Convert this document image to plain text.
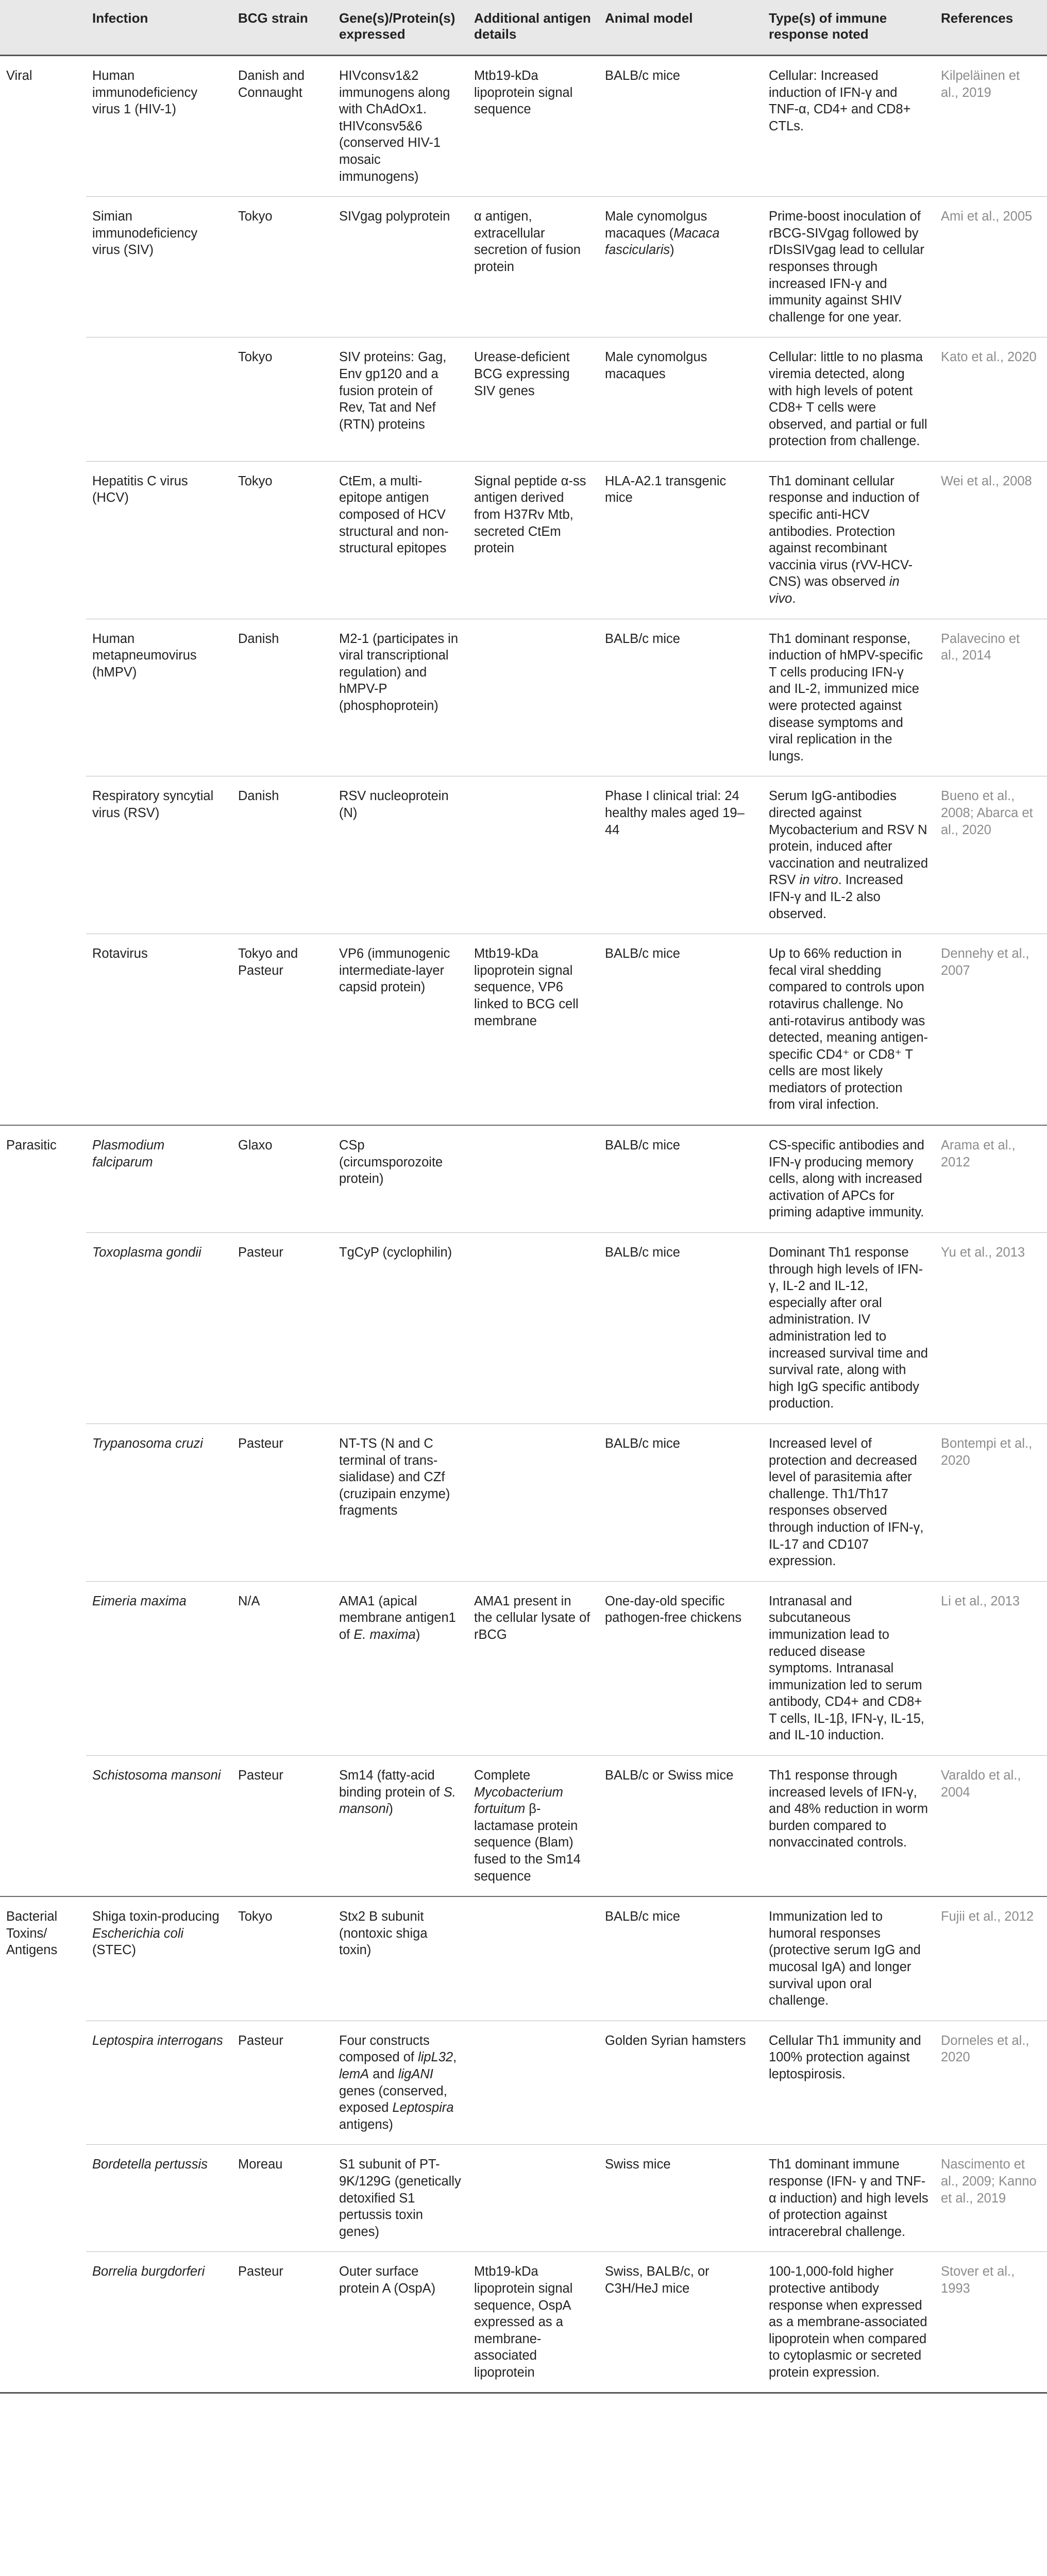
	Infection	BCG strain	Gene(s)/Protein(s) expressed	Additional antigen details	Animal model	Type(s) of immune response noted	References
Viral	Human immunodeficiency virus 1 (HIV-1)	Danish and Connaught	HIVconsv1&2 immunogens along with ChAdOx1. tHIVconsv5&6 (conserved HIV-1 mosaic immunogens)	Mtb19-kDa lipoprotein signal sequence	BALB/c mice	Cellular: Increased induction of IFN-γ and TNF-α, CD4+ and CD8+ CTLs.	Kilpeläinen et al., 2019
	Simian immunodeficiency virus (SIV)	Tokyo	SIVgag polyprotein	α antigen, extracellular secretion of fusion protein	Male cynomolgus macaques (Macaca fascicularis)	Prime-boost inoculation of rBCG-SIVgag followed by rDIsSIVgag lead to cellular responses through increased IFN-γ and immunity against SHIV challenge for one year.	Ami et al., 2005
		Tokyo	SIV proteins: Gag, Env gp120 and a fusion protein of Rev, Tat and Nef (RTN) proteins	Urease-deficient BCG expressing SIV genes	Male cynomolgus macaques	Cellular: little to no plasma viremia detected, along with high levels of potent CD8+ T cells were observed, and partial or full protection from challenge.	Kato et al., 2020
	Hepatitis C virus (HCV)	Tokyo	CtEm, a multi-epitope antigen composed of HCV structural and non-structural epitopes	Signal peptide α-ss antigen derived from H37Rv Mtb, secreted CtEm protein	HLA-A2.1 transgenic mice	Th1 dominant cellular response and induction of specific anti-HCV antibodies. Protection against recombinant vaccinia virus (rVV-HCV-CNS) was observed in vivo.	Wei et al., 2008
	Human metapneumovirus (hMPV)	Danish	M2-1 (participates in viral transcriptional regulation) and hMPV-P (phosphoprotein)		BALB/c mice	Th1 dominant response, induction of hMPV-specific T cells producing IFN-γ and IL-2, immunized mice were protected against disease symptoms and viral replication in the lungs.	Palavecino et al., 2014
	Respiratory syncytial virus (RSV)	Danish	RSV nucleoprotein (N)		Phase I clinical trial: 24 healthy males aged 19–44	Serum IgG-antibodies directed against Mycobacterium and RSV N protein, induced after vaccination and neutralized RSV in vitro. Increased IFN-γ and IL-2 also observed.	Bueno et al., 2008; Abarca et al., 2020
	Rotavirus	Tokyo and Pasteur	VP6 (immunogenic intermediate-layer capsid protein)	Mtb19-kDa lipoprotein signal sequence, VP6 linked to BCG cell membrane	BALB/c mice	Up to 66% reduction in fecal viral shedding compared to controls upon rotavirus challenge. No anti-rotavirus antibody was detected, meaning antigen-specific CD4⁺ or CD8⁺ T cells are most likely mediators of protection from viral infection.	Dennehy et al., 2007
Parasitic	Plasmodium falciparum	Glaxo	CSp (circumsporozoite protein)		BALB/c mice	CS-specific antibodies and IFN-γ producing memory cells, along with increased activation of APCs for priming adaptive immunity.	Arama et al., 2012
	Toxoplasma gondii	Pasteur	TgCyP (cyclophilin)		BALB/c mice	Dominant Th1 response through high levels of IFN-γ, IL-2 and IL-12, especially after oral administration. IV administration led to increased survival time and survival rate, along with high IgG specific antibody production.	Yu et al., 2013
	Trypanosoma cruzi	Pasteur	NT-TS (N and C terminal of trans-sialidase) and CZf (cruzipain enzyme) fragments		BALB/c mice	Increased level of protection and decreased level of parasitemia after challenge. Th1/Th17 responses observed through induction of IFN-γ, IL-17 and CD107 expression.	Bontempi et al., 2020
	Eimeria maxima	N/A	AMA1 (apical membrane antigen1 of E. maxima)	AMA1 present in the cellular lysate of rBCG	One-day-old specific pathogen-free chickens	Intranasal and subcutaneous immunization lead to reduced disease symptoms. Intranasal immunization led to serum antibody, CD4+ and CD8+ T cells, IL-1β, IFN-γ, IL-15, and IL-10 induction.	Li et al., 2013
	Schistosoma mansoni	Pasteur	Sm14 (fatty-acid binding protein of S. mansoni)	Complete Mycobacterium fortuitum β-lactamase protein sequence (Blam) fused to the Sm14 sequence	BALB/c or Swiss mice	Th1 response through increased levels of IFN-γ, and 48% reduction in worm burden compared to nonvaccinated controls.	Varaldo et al., 2004
Bacterial Toxins/ Antigens	Shiga toxin-producing Escherichia coli (STEC)	Tokyo	Stx2 B subunit (nontoxic shiga toxin)		BALB/c mice	Immunization led to humoral responses (protective serum IgG and mucosal IgA) and longer survival upon oral challenge.	Fujii et al., 2012
	Leptospira interrogans	Pasteur	Four constructs composed of lipL32, lemA and ligANI genes (conserved, exposed Leptospira antigens)		Golden Syrian hamsters	Cellular Th1 immunity and 100% protection against leptospirosis.	Dorneles et al., 2020
	Bordetella pertussis	Moreau	S1 subunit of PT-9K/129G (genetically detoxified S1 pertussis toxin genes)		Swiss mice	Th1 dominant immune response (IFN- γ and TNF-α induction) and high levels of protection against intracerebral challenge.	Nascimento et al., 2009; Kanno et al., 2019
	Borrelia burgdorferi	Pasteur	Outer surface protein A (OspA)	Mtb19-kDa lipoprotein signal sequence, OspA expressed as a membrane-associated lipoprotein	Swiss, BALB/c, or C3H/HeJ mice	100-1,000-fold higher protective antibody response when expressed as a membrane-associated lipoprotein when compared to cytoplasmic or secreted protein expression.	Stover et al., 1993
